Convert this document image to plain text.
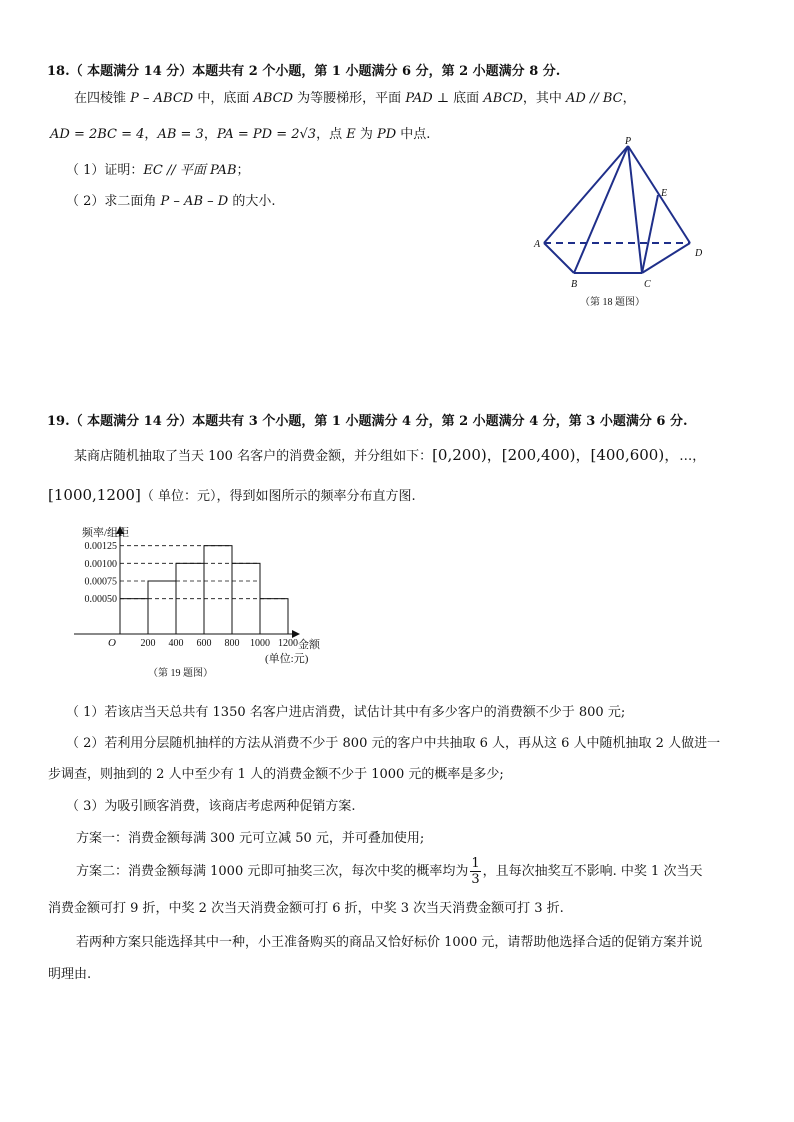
18.（ 本题满分 14 分）本题共有 2 个小题，第 1 小题满分 6 分，第 2 小题满分 8 分.
在四棱锥 P – ABCD 中，底面 ABCD 为等腰梯形，平面 PAD ⊥ 底面 ABCD，其中 AD // BC，
AD = 2BC = 4，AB = 3，PA = PD = 2√3，点 E 为 PD 中点.
（ 1）证明：EC // 平面 PAB；
（ 2）求二面角 P – AB – D 的大小.
P
E
A
D
B	C
（第 18 题图）
19.（ 本题满分 14 分）本题共有 3 个小题，第 1 小题满分 4 分，第 2 小题满分 4 分，第 3 小题满分 6 分.
某商店随机抽取了当天 100 名客户的消费金额，并分组如下：[0,200)，[200,400)，[400,600)，…，
[1000,1200]（ 单位：元），得到如图所示的频率分布直方图.
0.00125
0.00100
0.00075
0.00050
200 400 600 800 1000 1200
频率/组距
O	金额
(单位:元)
（第 19 题图）
（ 1）若该店当天总共有 1350 名客户进店消费，试估计其中有多少客户的消费额不少于 800 元;
（ 2）若利用分层随机抽样的方法从消费不少于 800 元的客户中共抽取 6 人，再从这 6 人中随机抽取 2 人做进一
步调查，则抽到的 2 人中至少有 1 人的消费金额不少于 1000 元的概率是多少;
（ 3）为吸引顾客消费，该商店考虑两种促销方案.
方案一：消费金额每满 300 元可立减 50 元，并可叠加使用;
方案二：消费金额每满 1000 元即可抽奖三次，每次中奖的概率均为 $\frac{1}{3}$ ，且每次抽奖互不影响. 中奖 1 次当天
消费金额可打 9 折，中奖 2 次当天消费金额可打 6 折，中奖 3 次当天消费金额可打 3 折.
若两种方案只能选择其中一种，小王准备购买的商品又恰好标价 1000 元，请帮助他选择合适的促销方案并说
明理由.
